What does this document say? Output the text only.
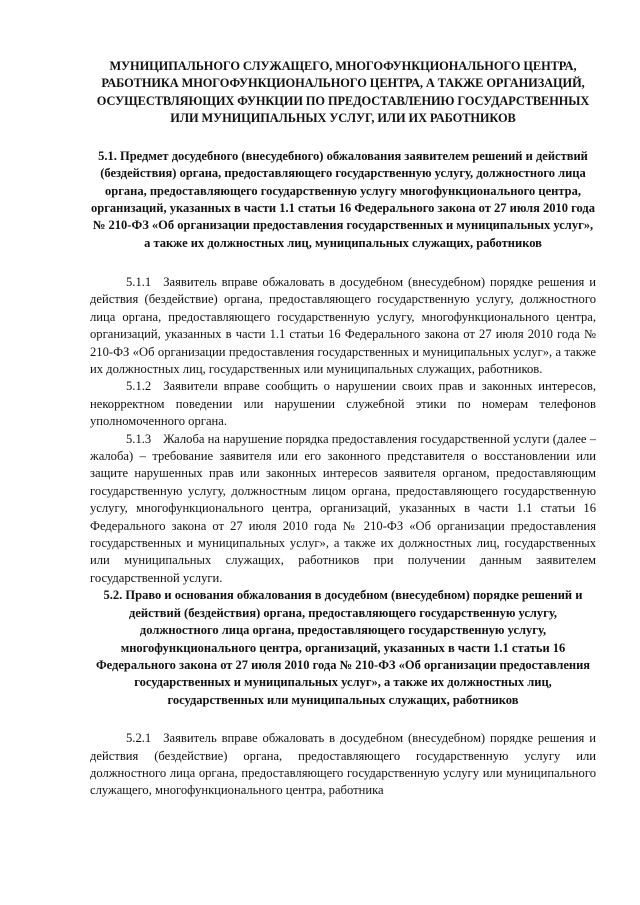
МУНИЦИПАЛЬНОГО СЛУЖАЩЕГО, МНОГОФУНКЦИОНАЛЬНОГО ЦЕНТРА, РАБОТНИКА МНОГОФУНКЦИОНАЛЬНОГО ЦЕНТРА, А ТАКЖЕ ОРГАНИЗАЦИЙ, ОСУЩЕСТВЛЯЮЩИХ ФУНКЦИИ ПО ПРЕДОСТАВЛЕНИЮ ГОСУДАРСТВЕННЫХ ИЛИ МУНИЦИПАЛЬНЫХ УСЛУГ, ИЛИ ИХ РАБОТНИКОВ

5.1. Предмет досудебного (внесудебного) обжалования заявителем решений и действий (бездействия) органа, предоставляющего государственную услугу, должностного лица органа, предоставляющего государственную услугу многофункционального центра, организаций, указанных в части 1.1 статьи 16 Федерального закона от 27 июля 2010 года № 210-ФЗ «Об организации предоставления государственных и муниципальных услуг», а также их должностных лиц, муниципальных служащих, работников

5.1.1 Заявитель вправе обжаловать в досудебном (внесудебном) порядке решения и действия (бездействие) органа, предоставляющего государственную услугу, должностного лица органа, предоставляющего государственную услугу, многофункционального центра, организаций, указанных в части 1.1 статьи 16 Федерального закона от 27 июля 2010 года № 210-ФЗ «Об организации предоставления государственных и муниципальных услуг», а также их должностных лиц, государственных или муниципальных служащих, работников.

5.1.2 Заявители вправе сообщить о нарушении своих прав и законных интересов, некорректном поведении или нарушении служебной этики по номерам телефонов уполномоченного органа.

5.1.3 Жалоба на нарушение порядка предоставления государственной услуги (далее – жалоба) – требование заявителя или его законного представителя о восстановлении или защите нарушенных прав или законных интересов заявителя органом, предоставляющим государственную услугу, должностным лицом органа, предоставляющего государственную услугу, многофункционального центра, организаций, указанных в части 1.1 статьи 16 Федерального закона от 27 июля 2010 года № 210-ФЗ «Об организации предоставления государственных и муниципальных услуг», а также их должностных лиц, государственных или муниципальных служащих, работников при получении данным заявителем государственной услуги.

5.2. Право и основания обжалования в досудебном (внесудебном) порядке решений и действий (бездействия) органа, предоставляющего государственную услугу, должностного лица органа, предоставляющего государственную услугу, многофункционального центра, организаций, указанных в части 1.1 статьи 16 Федерального закона от 27 июля 2010 года № 210-ФЗ «Об организации предоставления государственных и муниципальных услуг», а также их должностных лиц, государственных или муниципальных служащих, работников

5.2.1 Заявитель вправе обжаловать в досудебном (внесудебном) порядке решения и действия (бездействие) органа, предоставляющего государственную услугу или должностного лица органа, предоставляющего государственную услугу или муниципального служащего, многофункционального центра, работника
